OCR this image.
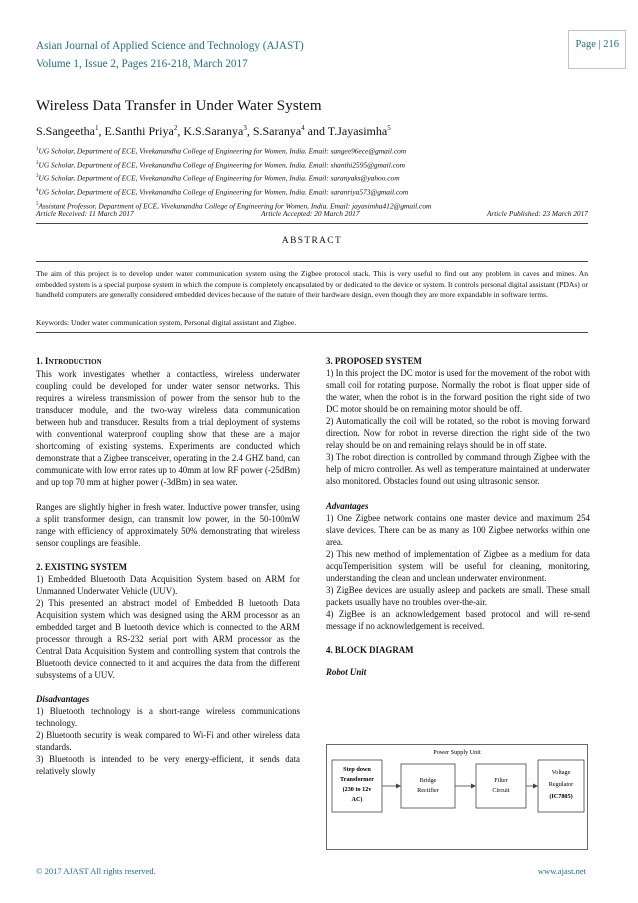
Asian Journal of Applied Science and Technology (AJAST)
Volume 1, Issue 2, Pages 216-218, March 2017
Page | 216
Wireless Data Transfer in Under Water System
S.Sangeetha$^1$, E.Santhi Priya$^2$, K.S.Saranya$^3$, S.Saranya$^4$ and T.Jayasimha$^5$
$^1$UG Scholar, Department of ECE, Vivekanandha College of Engineering for Women, India. Email: sangee96ece@gmail.com
$^2$UG Scholar, Department of ECE, Vivekanandha College of Engineering for Women, India. Email: shanthi2595@gmail.com
$^3$UG Scholar, Department of ECE, Vivekanandha College of Engineering for Women, India. Email: saranyaks@yahoo.com
$^4$UG Scholar, Department of ECE, Vivekanandha College of Engineering for Women, India. Email: saranriya573@gmail.com
$^5$Assistant Professor, Department of ECE, Vivekanandha College of Engineering for Women, India. Email: jayasimha412@gmail.com
Article Received: 11 March 2017	Article Accepted: 20 March 2017	Article Published: 23 March 2017
ABSTRACT
The aim of this project is to develop under water communication system using the Zigbee protocol stack. This is very useful to find out any problem in caves and mines. An embedded system is a special purpose system in which the compute is completely encapsulated by or dedicated to the device or system. It controls personal digital assistant (PDAs) or handheld computers are generally considered embedded devices because of the nature of their hardware design, even though they are more expandable in software terms.
Keywords: Under water communication system, Personal digital assistant and Zigbee.

1. INTRODUCTION

This work investigates whether a contactless, wireless underwater coupling could be developed for under water sensor networks. This requires a wireless transmission of power from the sensor hub to the transducer module, and the two-way wireless data communication between hub and transducer. Results from a trial deployment of systems with conventional waterproof coupling show that these are a major shortcoming of existing systems. Experiments are conducted which demonstrate that a Zigbee transceiver, operating in the 2.4 GHZ band, can communicate with low error rates up to 40mm at low RF power (-25dBm) and up top 70 mm at higher power (-3dBm) in sea water.

Ranges are slightly higher in fresh water. Inductive power transfer, using a split transformer design, can transmit low power, in the 50-100mW range with efficiency of approximately 50% demonstrating that wireless sensor couplings are feasible.

2. EXISTING SYSTEM

1) Embedded Bluetooth Data Acquisition System based on ARM for Unmanned Underwater Vehicle (UUV).
2) This presented an abstract model of Embedded B luetooth Data Acquisition system which was designed using the ARM processor as an embedded target and B luetooth device which is connected to the ARM processor through a RS-232 serial port with ARM processor as the Central Data Acquisition System and controlling system that controls the Bluetooth device connected to it and acquires the data from the different subsystems of a UUV.

Disadvantages

1) Bluetooth technology is a short-range wireless communications technology.
2) Bluetooth security is weak compared to Wi-Fi and other wireless data standards.
3) Bluetooth is intended to be very energy-efficient, it sends data relatively slowly

3. PROPOSED SYSTEM

1) In this project the DC motor is used for the movement of the robot with small coil for rotating purpose. Normally the robot is float upper side of the water, when the robot is in the forward position the right side of two DC motor should be on remaining motor should be off.
2) Automatically the coil will be rotated, so the robot is moving forward direction. Now for robot in reverse direction the right side of the two relay should be on and remaining relays should be in off state.
3) The robot direction is controlled by command through Zigbee with the help of micro controller. As well as temperature maintained at underwater also monitored. Obstacles found out using ultrasonic sensor.

Advantages

1) One Zigbee network contains one master device and maximum 254 slave devices. There can be as many as 100 Zigbee networks within one area.
2) This new method of implementation of Zigbee as a medium for data acquTemperisition system will be useful for cleaning, monitoring, understanding the clean and unclean underwater environment.
3) ZigBee devices are usually asleep and packets are small. These small packets usually have no troubles over-the-air.
4) ZigBee is an acknowledgement based protocol and will re-send message if no acknowledgement is received.

4. BLOCK DIAGRAM

Robot Unit

Power Supply Unit
Step down
Transformer
(230 to 12v
AC)
Bridge
Rectifier
Filter
Circuit
Voltage
Regulator
(IC7805)
© 2017 AJAST All rights reserved.	www.ajast.net
